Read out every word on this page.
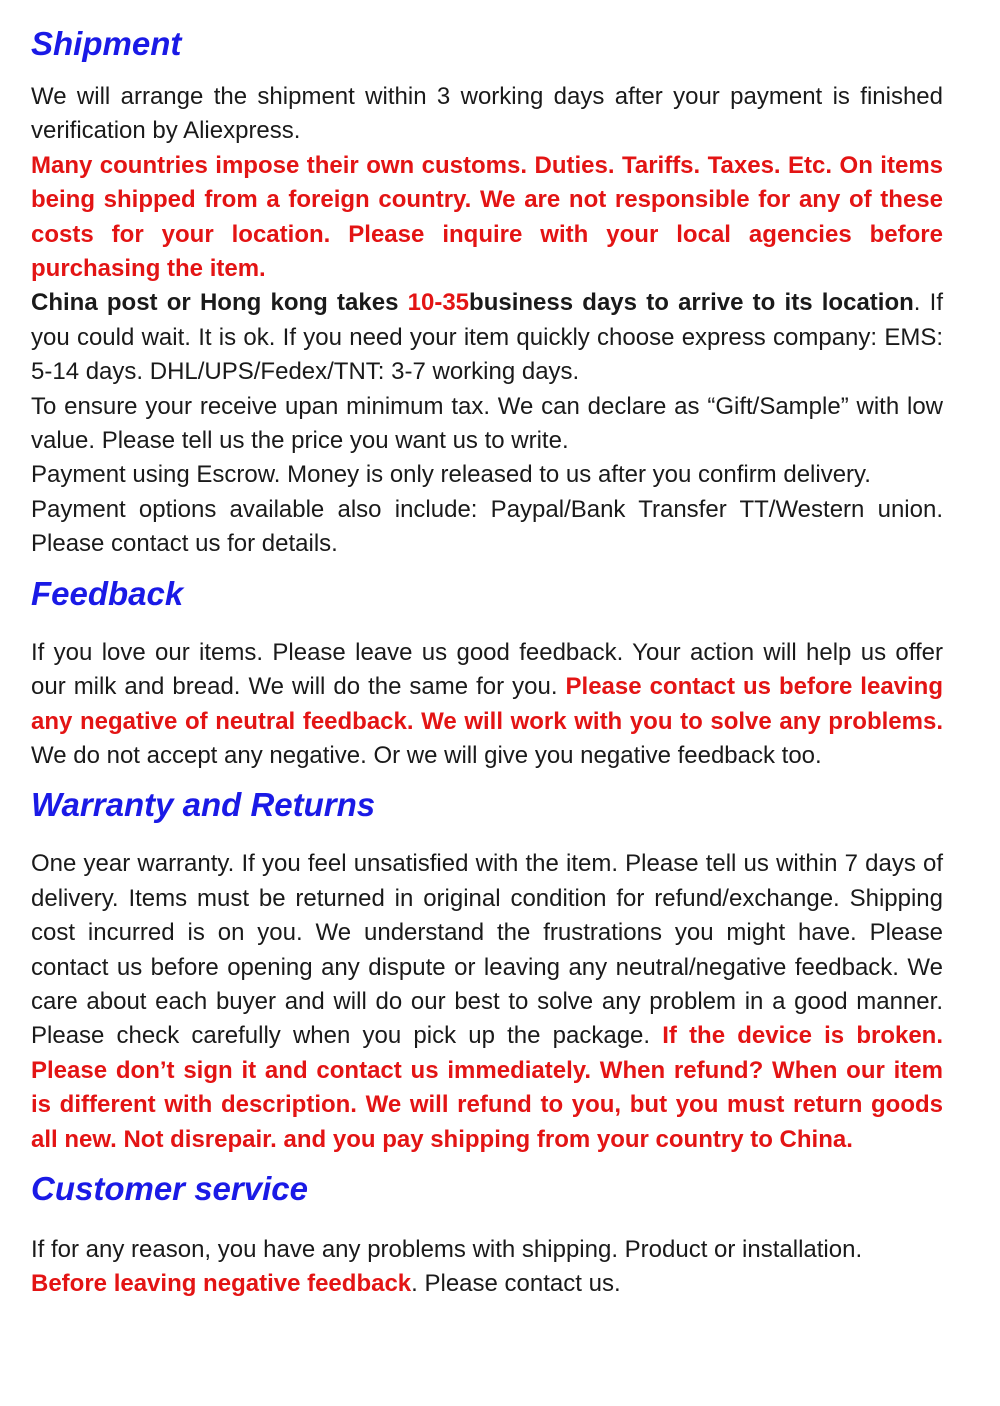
Shipment

We will arrange the shipment within 3 working days after your payment is finished verification by Aliexpress.

Many countries impose their own customs. Duties. Tariffs. Taxes. Etc. On items being shipped from a foreign country. We are not responsible for any of these costs for your location. Please inquire with your local agencies before purchasing the item.

China post or Hong kong takes 10-35business days to arrive to its location. If you could wait. It is ok. If you need your item quickly choose express company: EMS: 5-14 days. DHL/UPS/Fedex/TNT: 3-7 working days.

To ensure your receive upan minimum tax. We can declare as “Gift/Sample” with low value. Please tell us the price you want us to write.

Payment using Escrow. Money is only released to us after you confirm delivery.

Payment options available also include: Paypal/Bank Transfer TT/Western union. Please contact us for details.

Feedback

If you love our items. Please leave us good feedback. Your action will help us offer our milk and bread. We will do the same for you. Please contact us before leaving any negative of neutral feedback. We will work with you to solve any problems. We do not accept any negative. Or we will give you negative feedback too.

Warranty and Returns

One year warranty. If you feel unsatisfied with the item. Please tell us within 7 days of delivery. Items must be returned in original condition for refund/exchange. Shipping cost incurred is on you. We understand the frustrations you might have. Please contact us before opening any dispute or leaving any neutral/negative feedback. We care about each buyer and will do our best to solve any problem in a good manner. Please check carefully when you pick up the package. If the device is broken. Please don’t sign it and contact us immediately. When refund? When our item is different with description. We will refund to you, but you must return goods all new. Not disrepair. and you pay shipping from your country to China.

Customer service

If for any reason, you have any problems with shipping. Product or installation.

Before leaving negative feedback. Please contact us.
